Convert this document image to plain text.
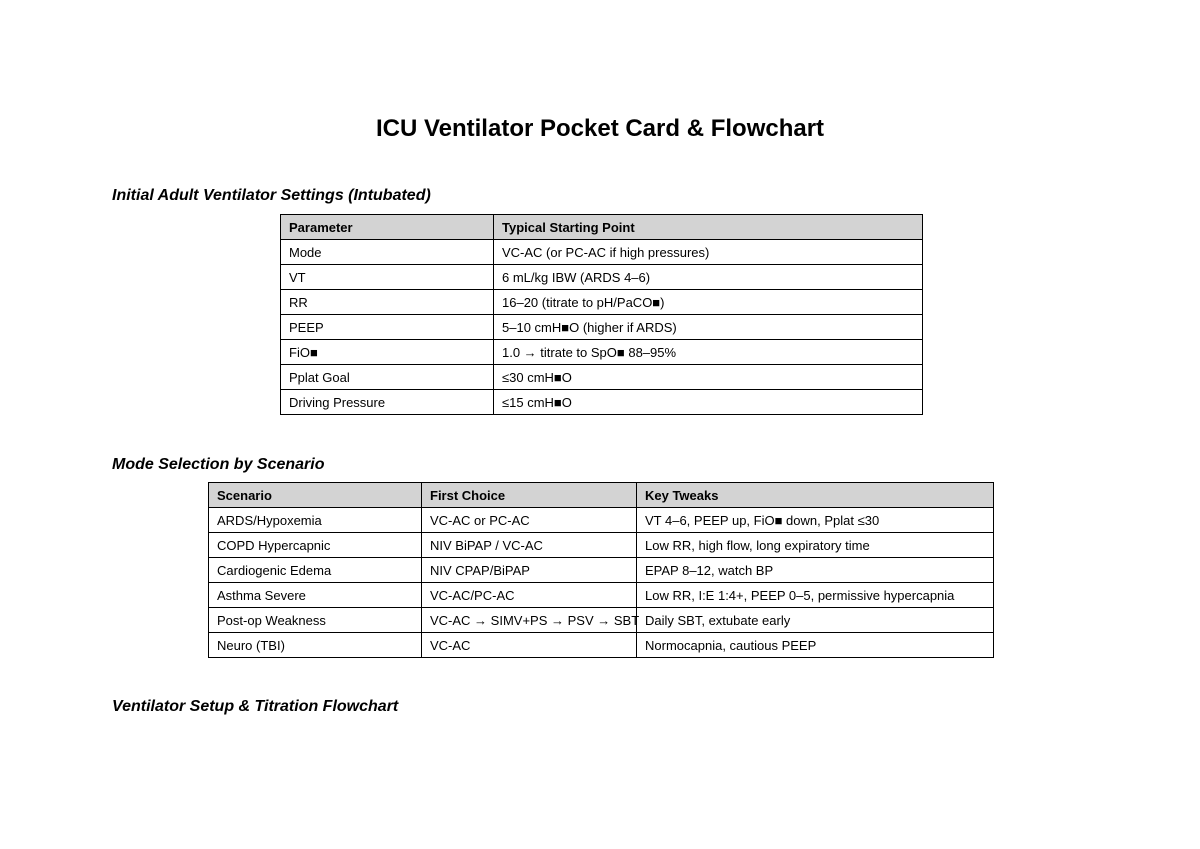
ICU Ventilator Pocket Card & Flowchart
Initial Adult Ventilator Settings (Intubated)
Parameter	Typical Starting Point
Mode	VC-AC (or PC-AC if high pressures)
VT	6 mL/kg IBW (ARDS 4–6)
RR	16–20 (titrate to pH/PaCO■)
PEEP	5–10 cmH■O (higher if ARDS)
FiO■	1.0 → titrate to SpO■ 88–95%
Pplat Goal	≤30 cmH■O
Driving Pressure	≤15 cmH■O
Mode Selection by Scenario
Scenario	First Choice	Key Tweaks
ARDS/Hypoxemia	VC-AC or PC-AC	VT 4–6, PEEP up, FiO■ down, Pplat ≤30
COPD Hypercapnic	NIV BiPAP / VC-AC	Low RR, high flow, long expiratory time
Cardiogenic Edema	NIV CPAP/BiPAP	EPAP 8–12, watch BP
Asthma Severe	VC-AC/PC-AC	Low RR, I:E 1:4+, PEEP 0–5, permissive hypercapnia
Post-op Weakness	VC-AC → SIMV+PS → PSV → SBT	Daily SBT, extubate early
Neuro (TBI)	VC-AC	Normocapnia, cautious PEEP
Ventilator Setup & Titration Flowchart
